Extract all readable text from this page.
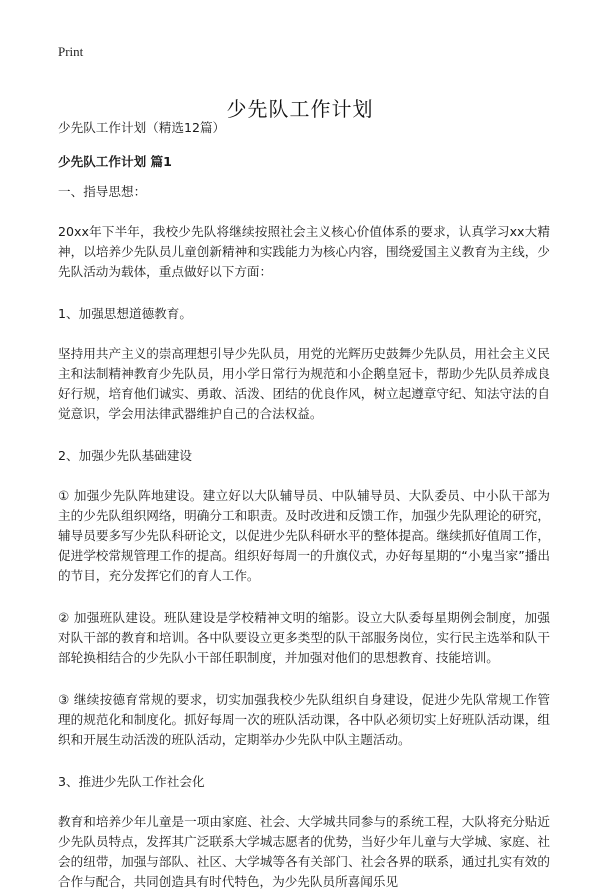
Print
少先队工作计划

少先队工作计划（精选12篇）

少先队工作计划 篇1

一、指导思想：

20xx年下半年，我校少先队将继续按照社会主义核心价值体系的要求，认真学习xx大精神，以培养少先队员儿童创新精神和实践能力为核心内容，围绕爱国主义教育为主线，少先队活动为载体，重点做好以下方面：

1、加强思想道德教育。

坚持用共产主义的崇高理想引导少先队员，用党的光辉历史鼓舞少先队员，用社会主义民主和法制精神教育少先队员，用小学日常行为规范和小企鹅皇冠卡，帮助少先队员养成良好行规，培育他们诚实、勇敢、活泼、团结的优良作风，树立起遵章守纪、知法守法的自觉意识，学会用法律武器维护自己的合法权益。

2、加强少先队基础建设

① 加强少先队阵地建设。建立好以大队辅导员、中队辅导员、大队委员、中小队干部为主的少先队组织网络，明确分工和职责。及时改进和反馈工作，加强少先队理论的研究，辅导员要多写少先队科研论文，以促进少先队科研水平的整体提高。继续抓好值周工作，促进学校常规管理工作的提高。组织好每周一的升旗仪式，办好每星期的“小鬼当家”播出的节目，充分发挥它们的育人工作。

② 加强班队建设。班队建设是学校精神文明的缩影。设立大队委每星期例会制度，加强对队干部的教育和培训。各中队要设立更多类型的队干部服务岗位，实行民主选举和队干部轮换相结合的少先队小干部任职制度，并加强对他们的思想教育、技能培训。

③ 继续按德育常规的要求，切实加强我校少先队组织自身建设，促进少先队常规工作管理的规范化和制度化。抓好每周一次的班队活动课，各中队必须切实上好班队活动课，组织和开展生动活泼的班队活动，定期举办少先队中队主题活动。

3、推进少先队工作社会化

教育和培养少年儿童是一项由家庭、社会、大学城共同参与的系统工程，大队将充分贴近少先队员特点，发挥其广泛联系大学城志愿者的优势，当好少年儿童与大学城、家庭、社会的纽带，加强与部队、社区、大学城等各有关部门、社会各界的联系，通过扎实有效的合作与配合，共同创造具有时代特色，为少先队员所喜闻乐见
